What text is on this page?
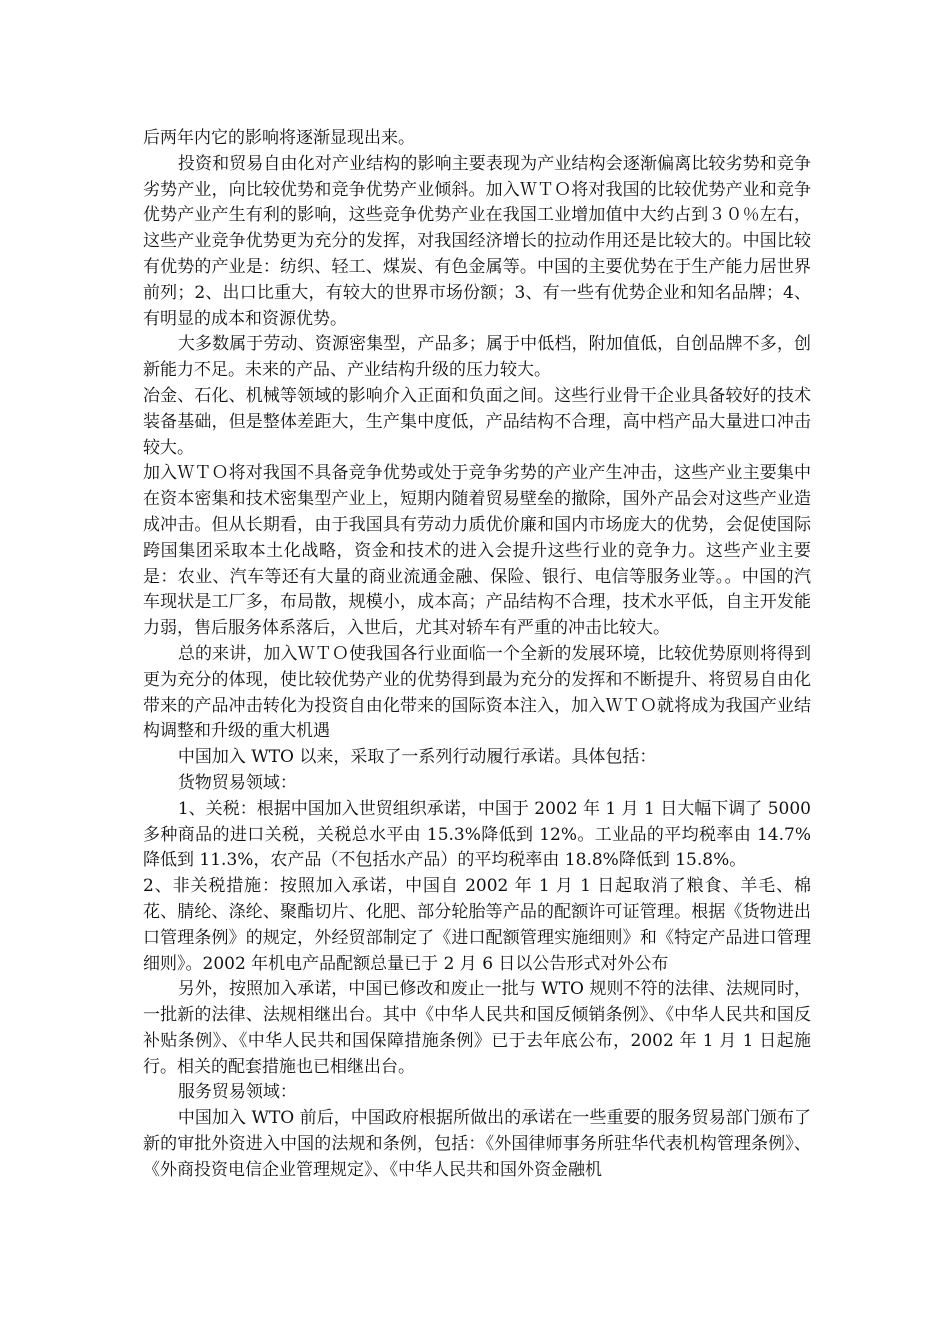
后两年内它的影响将逐渐显现出来。

投资和贸易自由化对产业结构的影响主要表现为产业结构会逐渐偏离比较劣势和竞争劣势产业，向比较优势和竞争优势产业倾斜。加入ＷＴＯ将对我国的比较优势产业和竞争优势产业产生有利的影响，这些竞争优势产业在我国工业增加值中大约占到３０％左右，这些产业竞争优势更为充分的发挥，对我国经济增长的拉动作用还是比较大的。中国比较有优势的产业是：纺织、轻工、煤炭、有色金属等。中国的主要优势在于生产能力居世界前列；2、出口比重大，有较大的世界市场份额；3、有一些有优势企业和知名品牌；4、有明显的成本和资源优势。

大多数属于劳动、资源密集型，产品多；属于中低档，附加值低，自创品牌不多，创新能力不足。未来的产品、产业结构升级的压力较大。

冶金、石化、机械等领域的影响介入正面和负面之间。这些行业骨干企业具备较好的技术装备基础，但是整体差距大，生产集中度低，产品结构不合理，高中档产品大量进口冲击较大。

加入ＷＴＯ将对我国不具备竞争优势或处于竞争劣势的产业产生冲击，这些产业主要集中在资本密集和技术密集型产业上，短期内随着贸易壁垒的撤除，国外产品会对这些产业造成冲击。但从长期看，由于我国具有劳动力质优价廉和国内市场庞大的优势，会促使国际跨国集团采取本土化战略，资金和技术的进入会提升这些行业的竞争力。这些产业主要是：农业、汽车等还有大量的商业流通金融、保险、银行、电信等服务业等。。中国的汽车现状是工厂多，布局散，规模小，成本高；产品结构不合理，技术水平低，自主开发能力弱，售后服务体系落后，入世后，尤其对轿车有严重的冲击比较大。

总的来讲，加入ＷＴＯ使我国各行业面临一个全新的发展环境，比较优势原则将得到更为充分的体现，使比较优势产业的优势得到最为充分的发挥和不断提升、将贸易自由化带来的产品冲击转化为投资自由化带来的国际资本注入，加入ＷＴＯ就将成为我国产业结构调整和升级的重大机遇

中国加入 WTO 以来，采取了一系列行动履行承诺。具体包括：

货物贸易领域：

1、关税：根据中国加入世贸组织承诺，中国于 2002 年 1 月 1 日大幅下调了 5000 多种商品的进口关税，关税总水平由 15.3%降低到 12%。工业品的平均税率由 14.7%降低到 11.3%，农产品（不包括水产品）的平均税率由 18.8%降低到 15.8%。

2、非关税措施：按照加入承诺，中国自 2002 年 1 月 1 日起取消了粮食、羊毛、棉花、腈纶、涤纶、聚酯切片、化肥、部分轮胎等产品的配额许可证管理。根据《货物进出口管理条例》的规定，外经贸部制定了《进口配额管理实施细则》和《特定产品进口管理细则》。2002 年机电产品配额总量已于 2 月 6 日以公告形式对外公布

另外，按照加入承诺，中国已修改和废止一批与 WTO 规则不符的法律、法规同时，一批新的法律、法规相继出台。其中《中华人民共和国反倾销条例》、《中华人民共和国反补贴条例》、《中华人民共和国保障措施条例》已于去年底公布，2002 年 1 月 1 日起施行。相关的配套措施也已相继出台。

服务贸易领域：

中国加入 WTO 前后，中国政府根据所做出的承诺在一些重要的服务贸易部门颁布了新的审批外资进入中国的法规和条例，包括：《外国律师事务所驻华代表机构管理条例》、《外商投资电信企业管理规定》、《中华人民共和国外资金融机
